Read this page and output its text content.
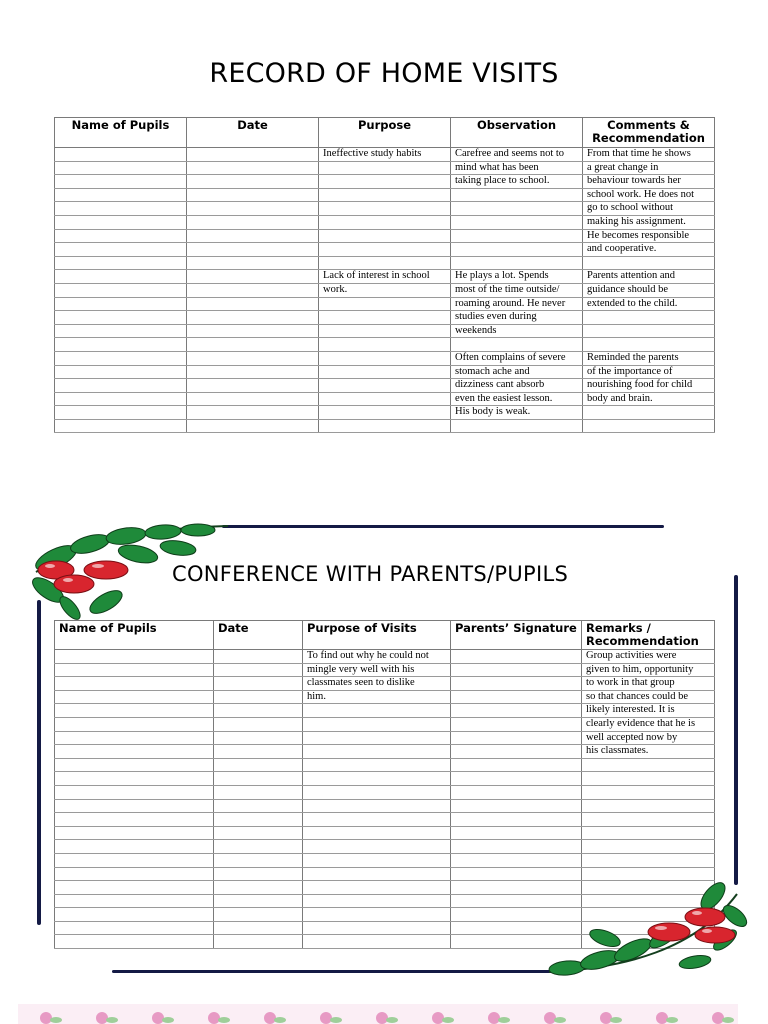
RECORD OF HOME VISITS
Name of Pupils	Date	Purpose	Observation	Comments & Recommendation
		Ineffective study habits	Carefree and seems not to	From that time he shows
			mind what has been	a great change in
			taking place to school.	behaviour towards her
				school work. He does not
				go to school without
				making his assignment.
				He becomes responsible
				and cooperative.

		Lack of interest in school	He plays a lot. Spends	Parents attention and
		work.	most of the time outside/	guidance should be
			roaming around. He never	extended to the child.
			studies even during	
			weekends	

			Often complains of severe	Reminded the parents
			stomach ache and	of the importance of
			dizziness cant absorb	nourishing food for child
			even the easiest lesson.	body and brain.
			His body is weak.	

CONFERENCE WITH PARENTS/PUPILS
Name of Pupils	Date	Purpose of Visits	Parents’ Signature	Remarks / Recommendation
		To find out why he could not		Group activities were
		mingle very well with his		given to him, opportunity
		classmates seen to dislike		to work in that group
		him.		so that chances could be
				likely interested. It is
				clearly evidence that he is
				well accepted now by
				his classmates.
